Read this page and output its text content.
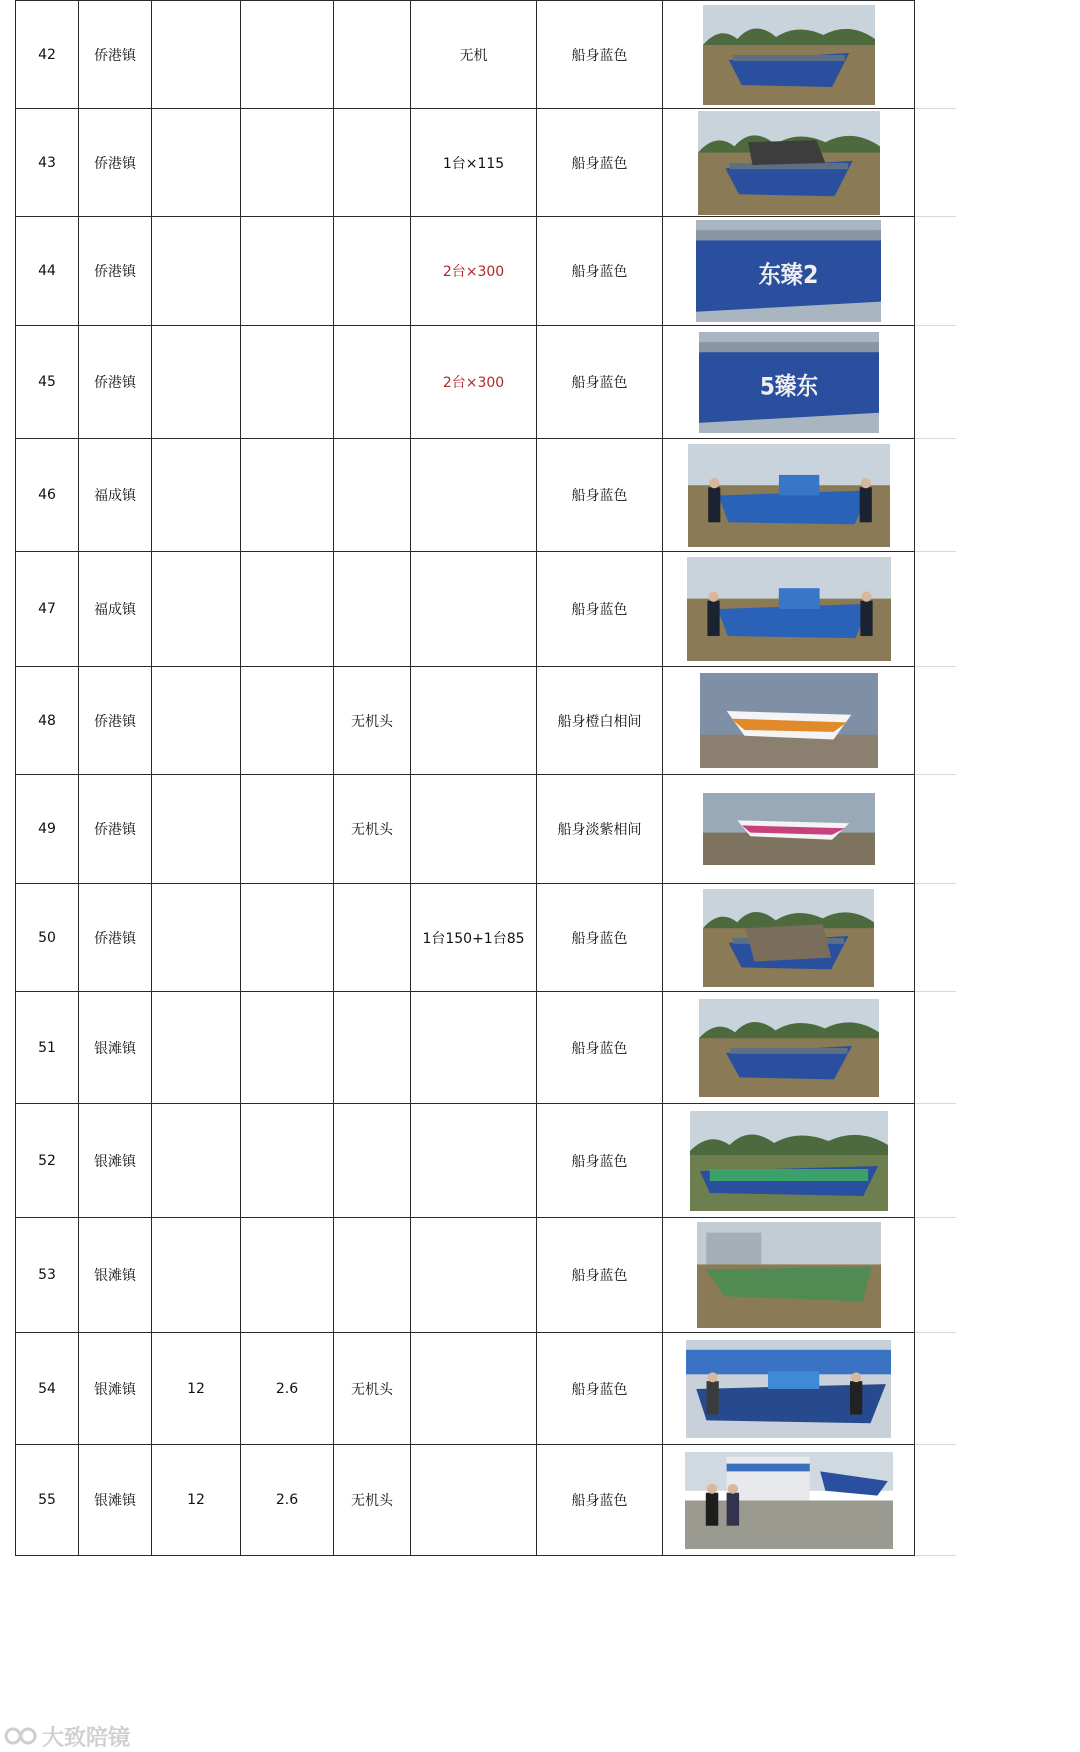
42	侨港镇				无机	船身蓝色	

43	侨港镇				1台×115	船身蓝色	

44	侨港镇				2台×300	船身蓝色	东臻2	

45	侨港镇				2台×300	船身蓝色	5臻东	

46	福成镇					船身蓝色	

47	福成镇					船身蓝色	

48	侨港镇			无机头		船身橙白相间	

49	侨港镇			无机头		船身淡紫相间	

50	侨港镇				1台150+1台85	船身蓝色	

51	银滩镇					船身蓝色	

52	银滩镇					船身蓝色	

53	银滩镇					船身蓝色	

54	银滩镇	12	2.6	无机头		船身蓝色	

55	银滩镇	12	2.6	无机头		船身蓝色	

大致陪镜
